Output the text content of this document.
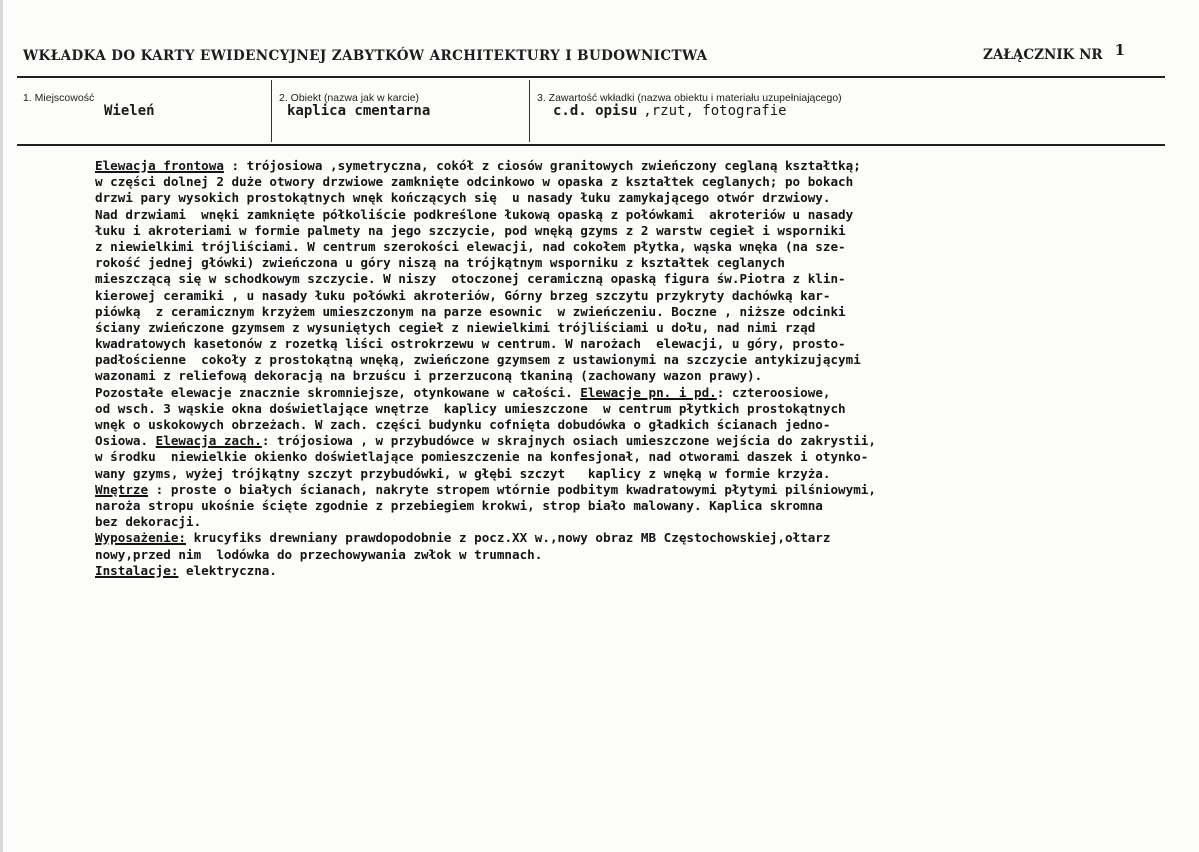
WKŁADKA DO KARTY EWIDENCYJNEJ ZABYTKÓW ARCHITEKTURY I BUDOWNICTWA	ZAŁĄCZNIK NR 1
1. Miejscowość
Wieleń
2. Obiekt (nazwa jak w karcie)
kaplica cmentarna
3. Zawartość wkładki (nazwa obiektu i materiału uzupełniającego)
c.d. opisu ,rzut, fotografie
Elewacja frontowa : trójosiowa ,symetryczna, cokół z ciosów granitowych zwieńczony ceglaną kształtką;
w części dolnej 2 duże otwory drzwiowe zamknięte odcinkowo w opaska z kształtek ceglanych; po bokach
drzwi pary wysokich prostokątnych wnęk kończących się  u nasady łuku zamykającego otwór drzwiowy.
Nad drzwiami  wnęki zamknięte półkoliście podkreślone łukową opaską z połówkami  akroteriów u nasady
łuku i akroteriami w formie palmety na jego szczycie, pod wnęką gzyms z 2 warstw cegieł i wsporniki
z niewielkimi trójliściami. W centrum szerokości elewacji, nad cokołem płytka, wąska wnęka (na sze-
rokość jednej główki) zwieńczona u góry niszą na trójkątnym wsporniku z kształtek ceglanych
mieszczącą się w schodkowym szczycie. W niszy  otoczonej ceramiczną opaską figura św.Piotra z klin-
kierowej ceramiki , u nasady łuku połówki akroteriów, Górny brzeg szczytu przykryty dachówką kar-
piówką  z ceramicznym krzyżem umieszczonym na parze esownic  w zwieńczeniu. Boczne , niższe odcinki
ściany zwieńczone gzymsem z wysuniętych cegieł z niewielkimi trójliściami u dołu, nad nimi rząd
kwadratowych kasetonów z rozetką liści ostrokrzewu w centrum. W narożach  elewacji, u góry, prosto-
padłościenne  cokoły z prostokątną wnęką, zwieńczone gzymsem z ustawionymi na szczycie antykizującymi
wazonami z reliefową dekoracją na brzuścu i przerzuconą tkaniną (zachowany wazon prawy).
Pozostałe elewacje znacznie skromniejsze, otynkowane w całości. Elewacje pn. i pd.: czteroosiowe,
od wsch. 3 wąskie okna doświetlające wnętrze  kaplicy umieszczone  w centrum płytkich prostokątnych
wnęk o uskokowych obrzeżach. W zach. części budynku cofnięta dobudówka o gładkich ścianach jedno-
Osiowa. Elewacja zach.: trójosiowa , w przybudówce w skrajnych osiach umieszczone wejścia do zakrystii,
w środku  niewielkie okienko doświetlające pomieszczenie na konfesjonał, nad otworami daszek i otynko-
wany gzyms, wyżej trójkątny szczyt przybudówki, w głębi szczyt   kaplicy z wnęką w formie krzyża.
Wnętrze : proste o białych ścianach, nakryte stropem wtórnie podbitym kwadratowymi płytymi pilśniowymi,
naroża stropu ukośnie ścięte zgodnie z przebiegiem krokwi, strop biało malowany. Kaplica skromna
bez dekoracji.
Wyposażenie: krucyfiks drewniany prawdopodobnie z pocz.XX w.,nowy obraz MB Częstochowskiej,ołtarz
nowy,przed nim  lodówka do przechowywania zwłok w trumnach.
Instalacje: elektryczna.
